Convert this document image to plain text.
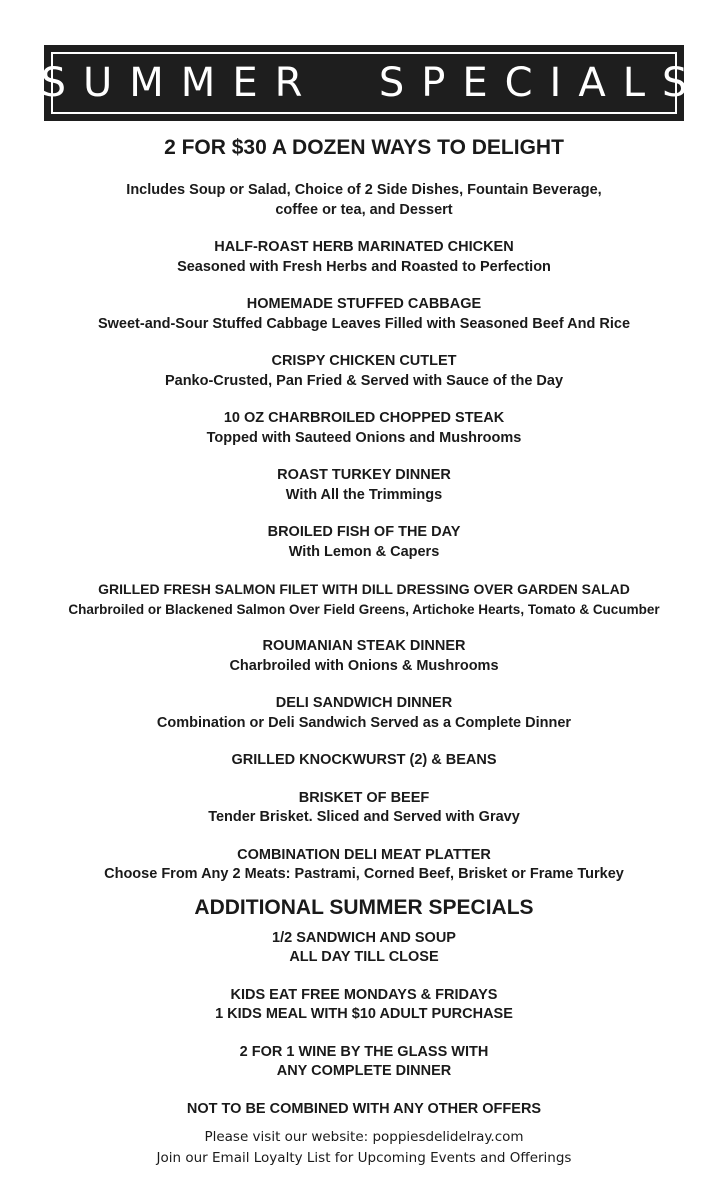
SUMMER  SPECIALS
2 FOR $30 A DOZEN WAYS TO DELIGHT
Includes Soup or Salad, Choice of 2 Side Dishes, Fountain Beverage,
coffee or tea, and Dessert
HALF-ROAST HERB MARINATED CHICKEN
Seasoned with Fresh Herbs and Roasted to Perfection
HOMEMADE STUFFED CABBAGE
Sweet-and-Sour Stuffed Cabbage Leaves Filled with Seasoned Beef And Rice
CRISPY CHICKEN CUTLET
Panko-Crusted, Pan Fried & Served with Sauce of the Day
10 OZ CHARBROILED CHOPPED STEAK
Topped with Sauteed Onions and Mushrooms
ROAST TURKEY DINNER
With All the Trimmings
BROILED FISH OF THE DAY
With Lemon & Capers
GRILLED FRESH SALMON FILET WITH DILL DRESSING OVER GARDEN SALAD
Charbroiled or Blackened Salmon Over Field Greens, Artichoke Hearts, Tomato & Cucumber
ROUMANIAN STEAK DINNER
Charbroiled with Onions & Mushrooms
DELI SANDWICH DINNER
Combination or Deli Sandwich Served as a Complete Dinner
GRILLED KNOCKWURST (2) & BEANS
BRISKET OF BEEF
Tender Brisket. Sliced and Served with Gravy
COMBINATION DELI MEAT PLATTER
Choose From Any 2 Meats: Pastrami, Corned Beef, Brisket or Frame Turkey
ADDITIONAL SUMMER SPECIALS
1/2 SANDWICH AND SOUP
ALL DAY TILL CLOSE
KIDS EAT FREE MONDAYS & FRIDAYS
1 KIDS MEAL WITH $10 ADULT PURCHASE
2 FOR 1 WINE BY THE GLASS WITH
ANY COMPLETE DINNER
NOT TO BE COMBINED WITH ANY OTHER OFFERS
Please visit our website: poppiesdelidelray.com
Join our Email Loyalty List for Upcoming Events and Offerings
